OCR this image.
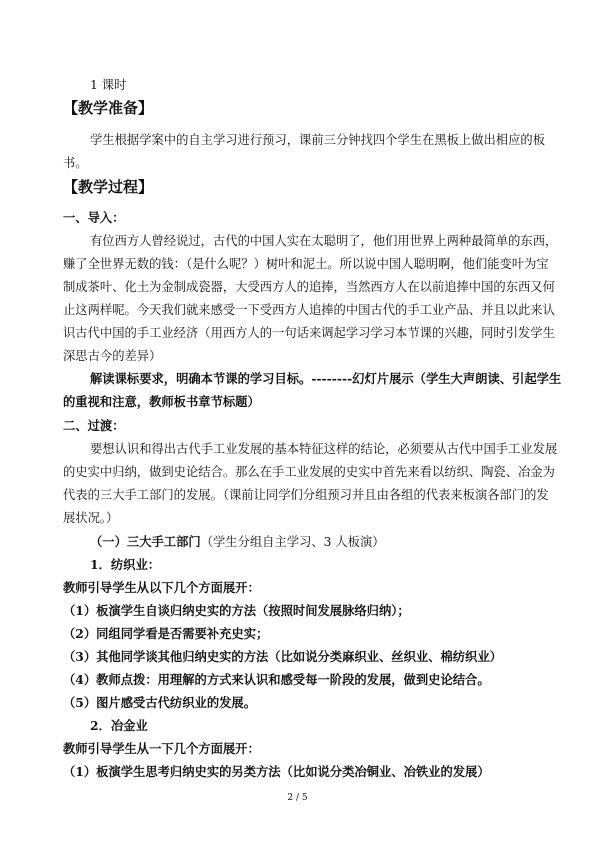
1 课时
【教学准备】
学生根据学案中的自主学习进行预习，课前三分钟找四个学生在黑板上做出相应的板
书。
【教学过程】
一、导入：
有位西方人曾经说过，古代的中国人实在太聪明了，他们用世界上两种最简单的东西，
赚了全世界无数的钱：（是什么呢？）树叶和泥土。所以说中国人聪明啊，他们能变叶为宝
制成茶叶、化土为金制成瓷器，大受西方人的追捧，当然西方人在以前追捧中国的东西又何
止这两样呢。今天我们就来感受一下受西方人追捧的中国古代的手工业产品、并且以此来认
识古代中国的手工业经济（用西方人的一句话来调起学习学习本节课的兴趣，同时引发学生
深思古今的差异）
解读课标要求，明确本节课的学习目标。--------幻灯片展示（学生大声朗读、引起学生
的重视和注意，教师板书章节标题）
二、过渡：
要想认识和得出古代手工业发展的基本特征这样的结论，必须要从古代中国手工业发展
的史实中归纳，做到史论结合。那么在手工业发展的史实中首先来看以纺织、陶瓷、冶金为
代表的三大手工部门的发展。（课前让同学们分组预习并且由各组的代表来板演各部门的发
展状况。）
（一）三大手工部门（学生分组自主学习、3 人板演）
1．纺织业：
教师引导学生从以下几个方面展开：
（1）板演学生自谈归纳史实的方法（按照时间发展脉络归纳）；
（2）同组同学看是否需要补充史实；
（3）其他同学谈其他归纳史实的方法（比如说分类麻织业、丝织业、棉纺织业）
（4）教师点拨：用理解的方式来认识和感受每一阶段的发展，做到史论结合。
（5）图片感受古代纺织业的发展。
2．冶金业
教师引导学生从一下几个方面展开：
（1）板演学生思考归纳史实的另类方法（比如说分类冶铜业、冶铁业的发展）
2 / 5
